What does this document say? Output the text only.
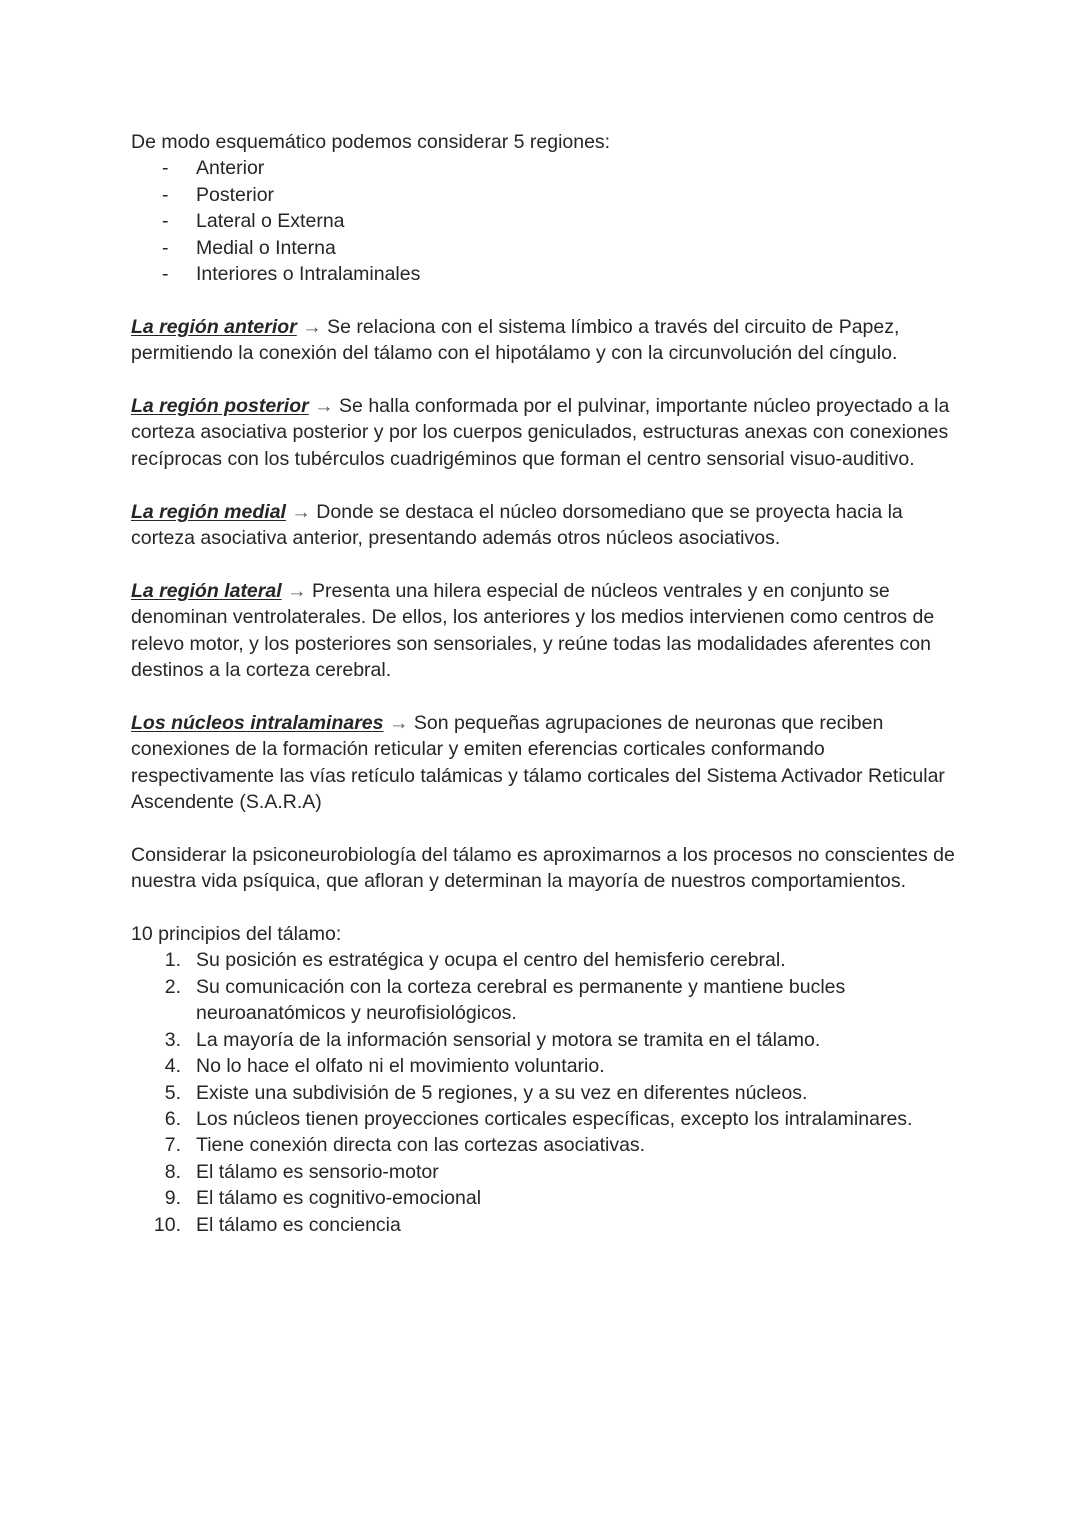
De modo esquemático podemos considerar 5 regiones:

- Anterior
- Posterior
- Lateral o Externa
- Medial o Interna
- Interiores o Intralaminales

La región anterior → Se relaciona con el sistema límbico a través del circuito de Papez, permitiendo la conexión del tálamo con el hipotálamo y con la circunvolución del cíngulo.

La región posterior → Se halla conformada por el pulvinar, importante núcleo proyectado a la corteza asociativa posterior y por los cuerpos geniculados, estructuras anexas con conexiones recíprocas con los tubérculos cuadrigéminos que forman el centro sensorial visuo-auditivo.

La región medial → Donde se destaca el núcleo dorsomediano que se proyecta hacia la corteza asociativa anterior, presentando además otros núcleos asociativos.

La región lateral → Presenta una hilera especial de núcleos ventrales y en conjunto se denominan ventrolaterales. De ellos, los anteriores y los medios intervienen como centros de relevo motor, y los posteriores son sensoriales, y reúne todas las modalidades aferentes con destinos a la corteza cerebral.

Los núcleos intralaminares → Son pequeñas agrupaciones de neuronas que reciben conexiones de la formación reticular y emiten eferencias corticales conformando respectivamente las vías retículo talámicas y tálamo corticales del Sistema Activador Reticular Ascendente (S.A.R.A)

Considerar la psiconeurobiología del tálamo es aproximarnos a los procesos no conscientes de nuestra vida psíquica, que afloran y determinan la mayoría de nuestros comportamientos.

10 principios del tálamo:

1. Su posición es estratégica y ocupa el centro del hemisferio cerebral.
2. Su comunicación con la corteza cerebral es permanente y mantiene bucles neuroanatómicos y neurofisiológicos.
3. La mayoría de la información sensorial y motora se tramita en el tálamo.
4. No lo hace el olfato ni el movimiento voluntario.
5. Existe una subdivisión de 5 regiones, y a su vez en diferentes núcleos.
6. Los núcleos tienen proyecciones corticales específicas, excepto los intralaminares.
7. Tiene conexión directa con las cortezas asociativas.
8. El tálamo es sensorio-motor
9. El tálamo es cognitivo-emocional
10. El tálamo es conciencia
